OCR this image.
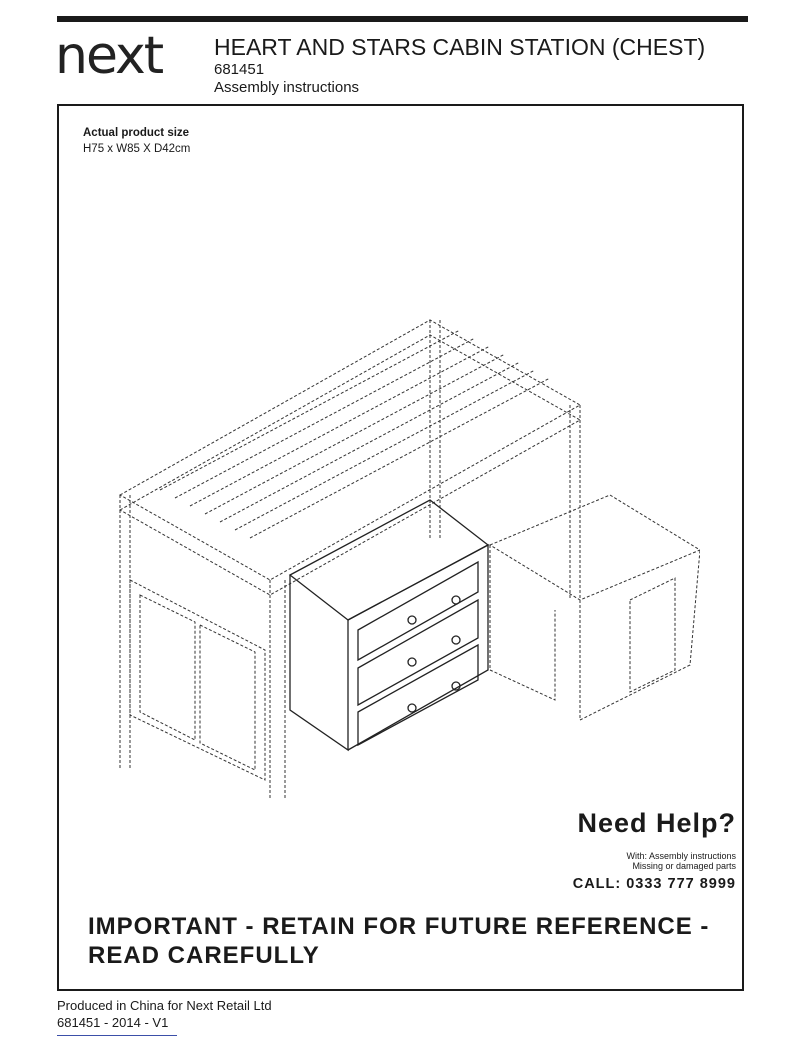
next HEART AND STARS CABIN STATION (CHEST)
681451
Assembly instructions
Actual product size
H75 x W85 X D42cm
Need Help?
With: Assembly instructions
Missing or damaged parts
CALL: 0333 777 8999
IMPORTANT - RETAIN FOR FUTURE REFERENCE - READ CAREFULLY
Produced in China for Next Retail Ltd
681451 - 2014 - V1
